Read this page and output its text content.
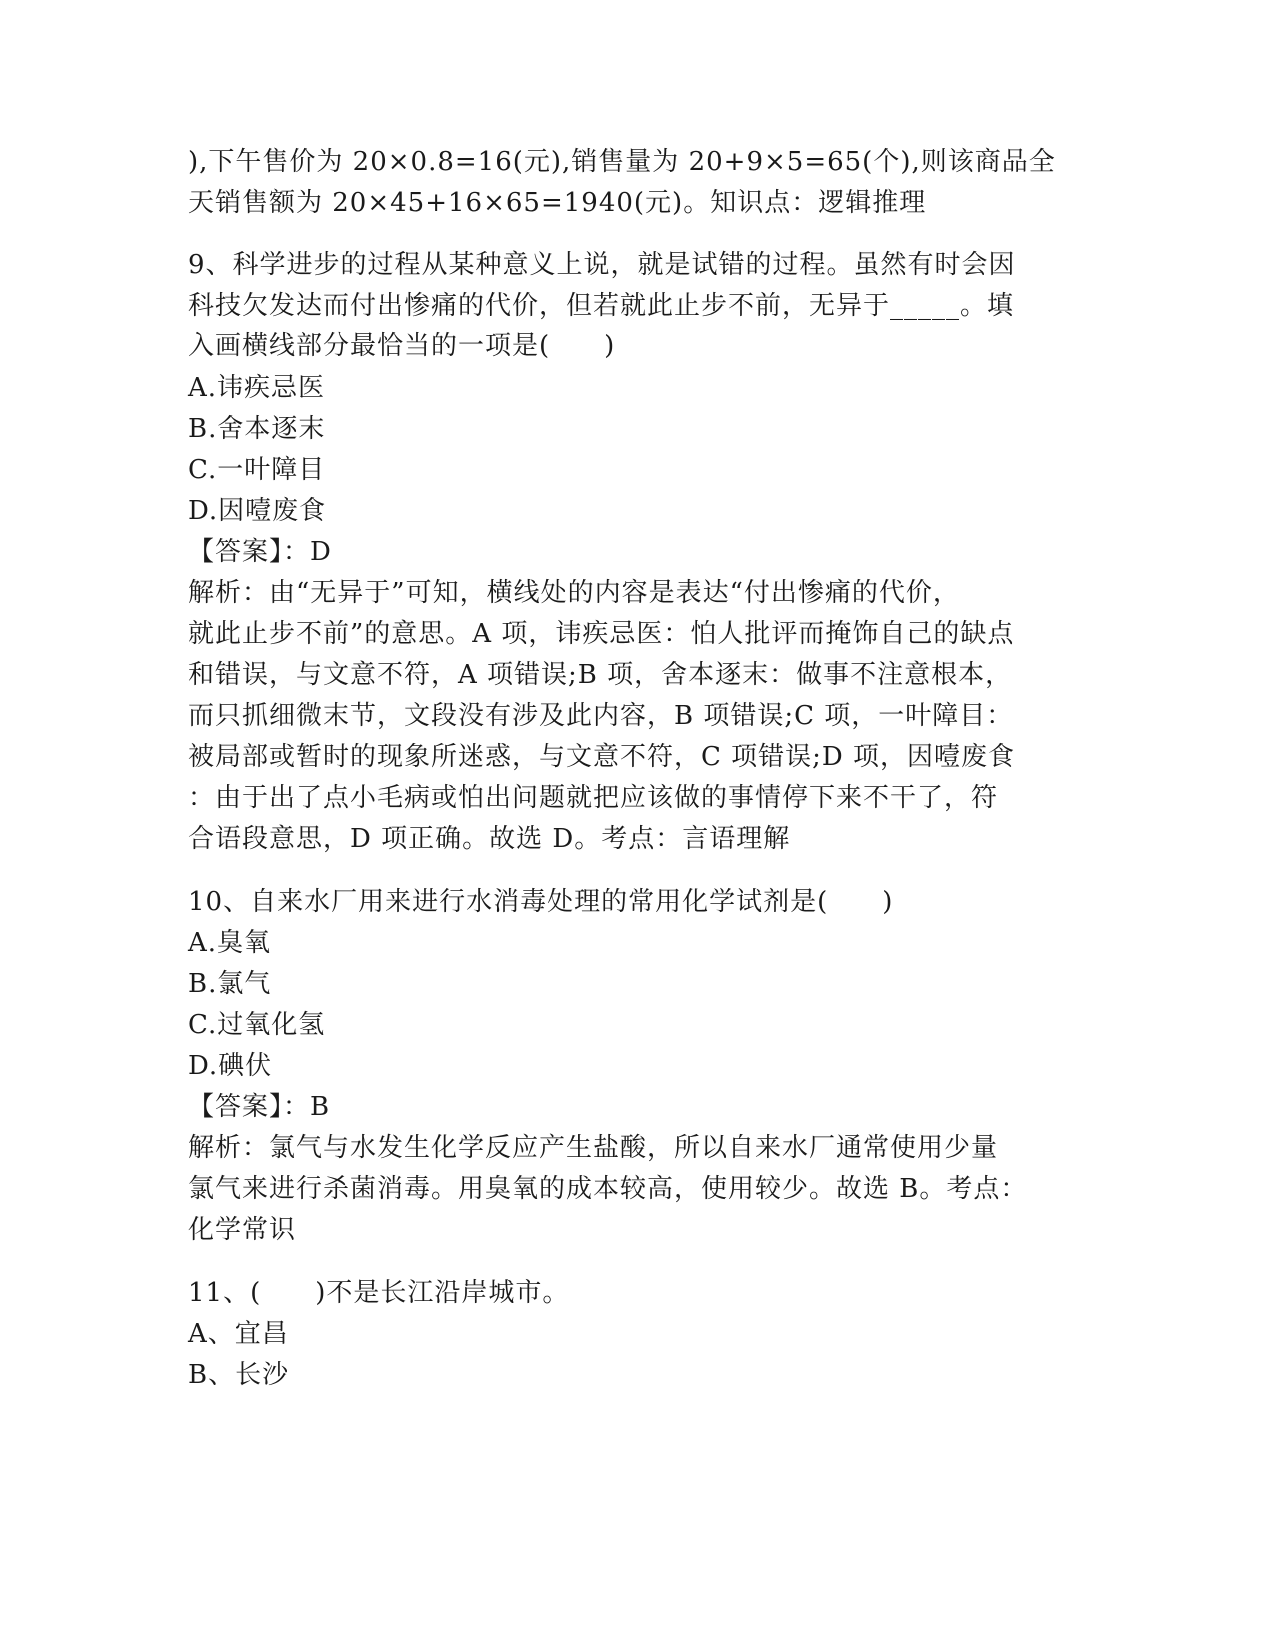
),下午售价为 20×0.8=16(元),销售量为 20+9×5=65(个),则该商品全
天销售额为 20×45+16×65=1940(元)。知识点：逻辑推理
9、科学进步的过程从某种意义上说，就是试错的过程。虽然有时会因
科技欠发达而付出惨痛的代价，但若就此止步不前，无异于_____。填
入画横线部分最恰当的一项是(　　)
A.讳疾忌医
B.舍本逐末
C.一叶障目
D.因噎废食
【答案】：D
解析：由“无异于”可知，横线处的内容是表达“付出惨痛的代价，
就此止步不前”的意思。A 项，讳疾忌医：怕人批评而掩饰自己的缺点
和错误，与文意不符，A 项错误;B 项，舍本逐末：做事不注意根本，
而只抓细微末节，文段没有涉及此内容，B 项错误;C 项，一叶障目：
被局部或暂时的现象所迷惑，与文意不符，C 项错误;D 项，因噎废食
：由于出了点小毛病或怕出问题就把应该做的事情停下来不干了，符
合语段意思，D 项正确。故选 D。考点：言语理解
10、自来水厂用来进行水消毒处理的常用化学试剂是(　　)
A.臭氧
B.氯气
C.过氧化氢
D.碘伏
【答案】：B
解析：氯气与水发生化学反应产生盐酸，所以自来水厂通常使用少量
氯气来进行杀菌消毒。用臭氧的成本较高，使用较少。故选 B。考点：
化学常识
11、(　　)不是长江沿岸城市。
A、宜昌
B、长沙
